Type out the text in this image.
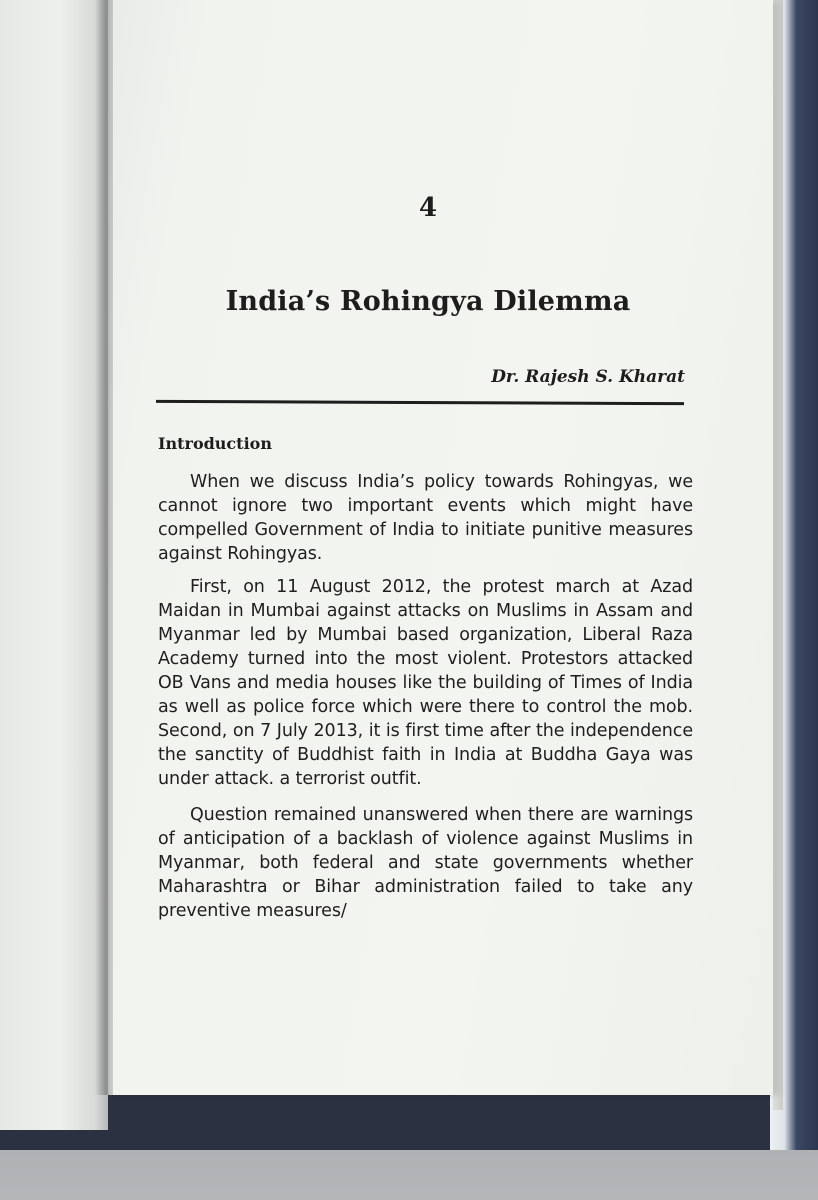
4
India’s Rohingya Dilemma

Dr. Rajesh S. Kharat

Introduction

When we discuss India’s policy towards Rohingyas, we cannot ignore two important events which might have compelled Government of India to initiate punitive measures against Rohingyas.

First, on 11 August 2012, the protest march at Azad Maidan in Mumbai against attacks on Muslims in Assam and Myanmar led by Mumbai based organization, Liberal Raza Academy turned into the most violent. Protestors attacked OB Vans and media houses like the building of Times of India as well as police force which were there to control the mob. Second, on 7 July 2013, it is first time after the independence the sanctity of Buddhist faith in India at Buddha Gaya was under attack. a terrorist outfit.

Question remained unanswered when there are warnings of anticipation of a backlash of violence against Muslims in Myanmar, both federal and state governments whether Maharashtra or Bihar administration failed to take any preventive measures/
